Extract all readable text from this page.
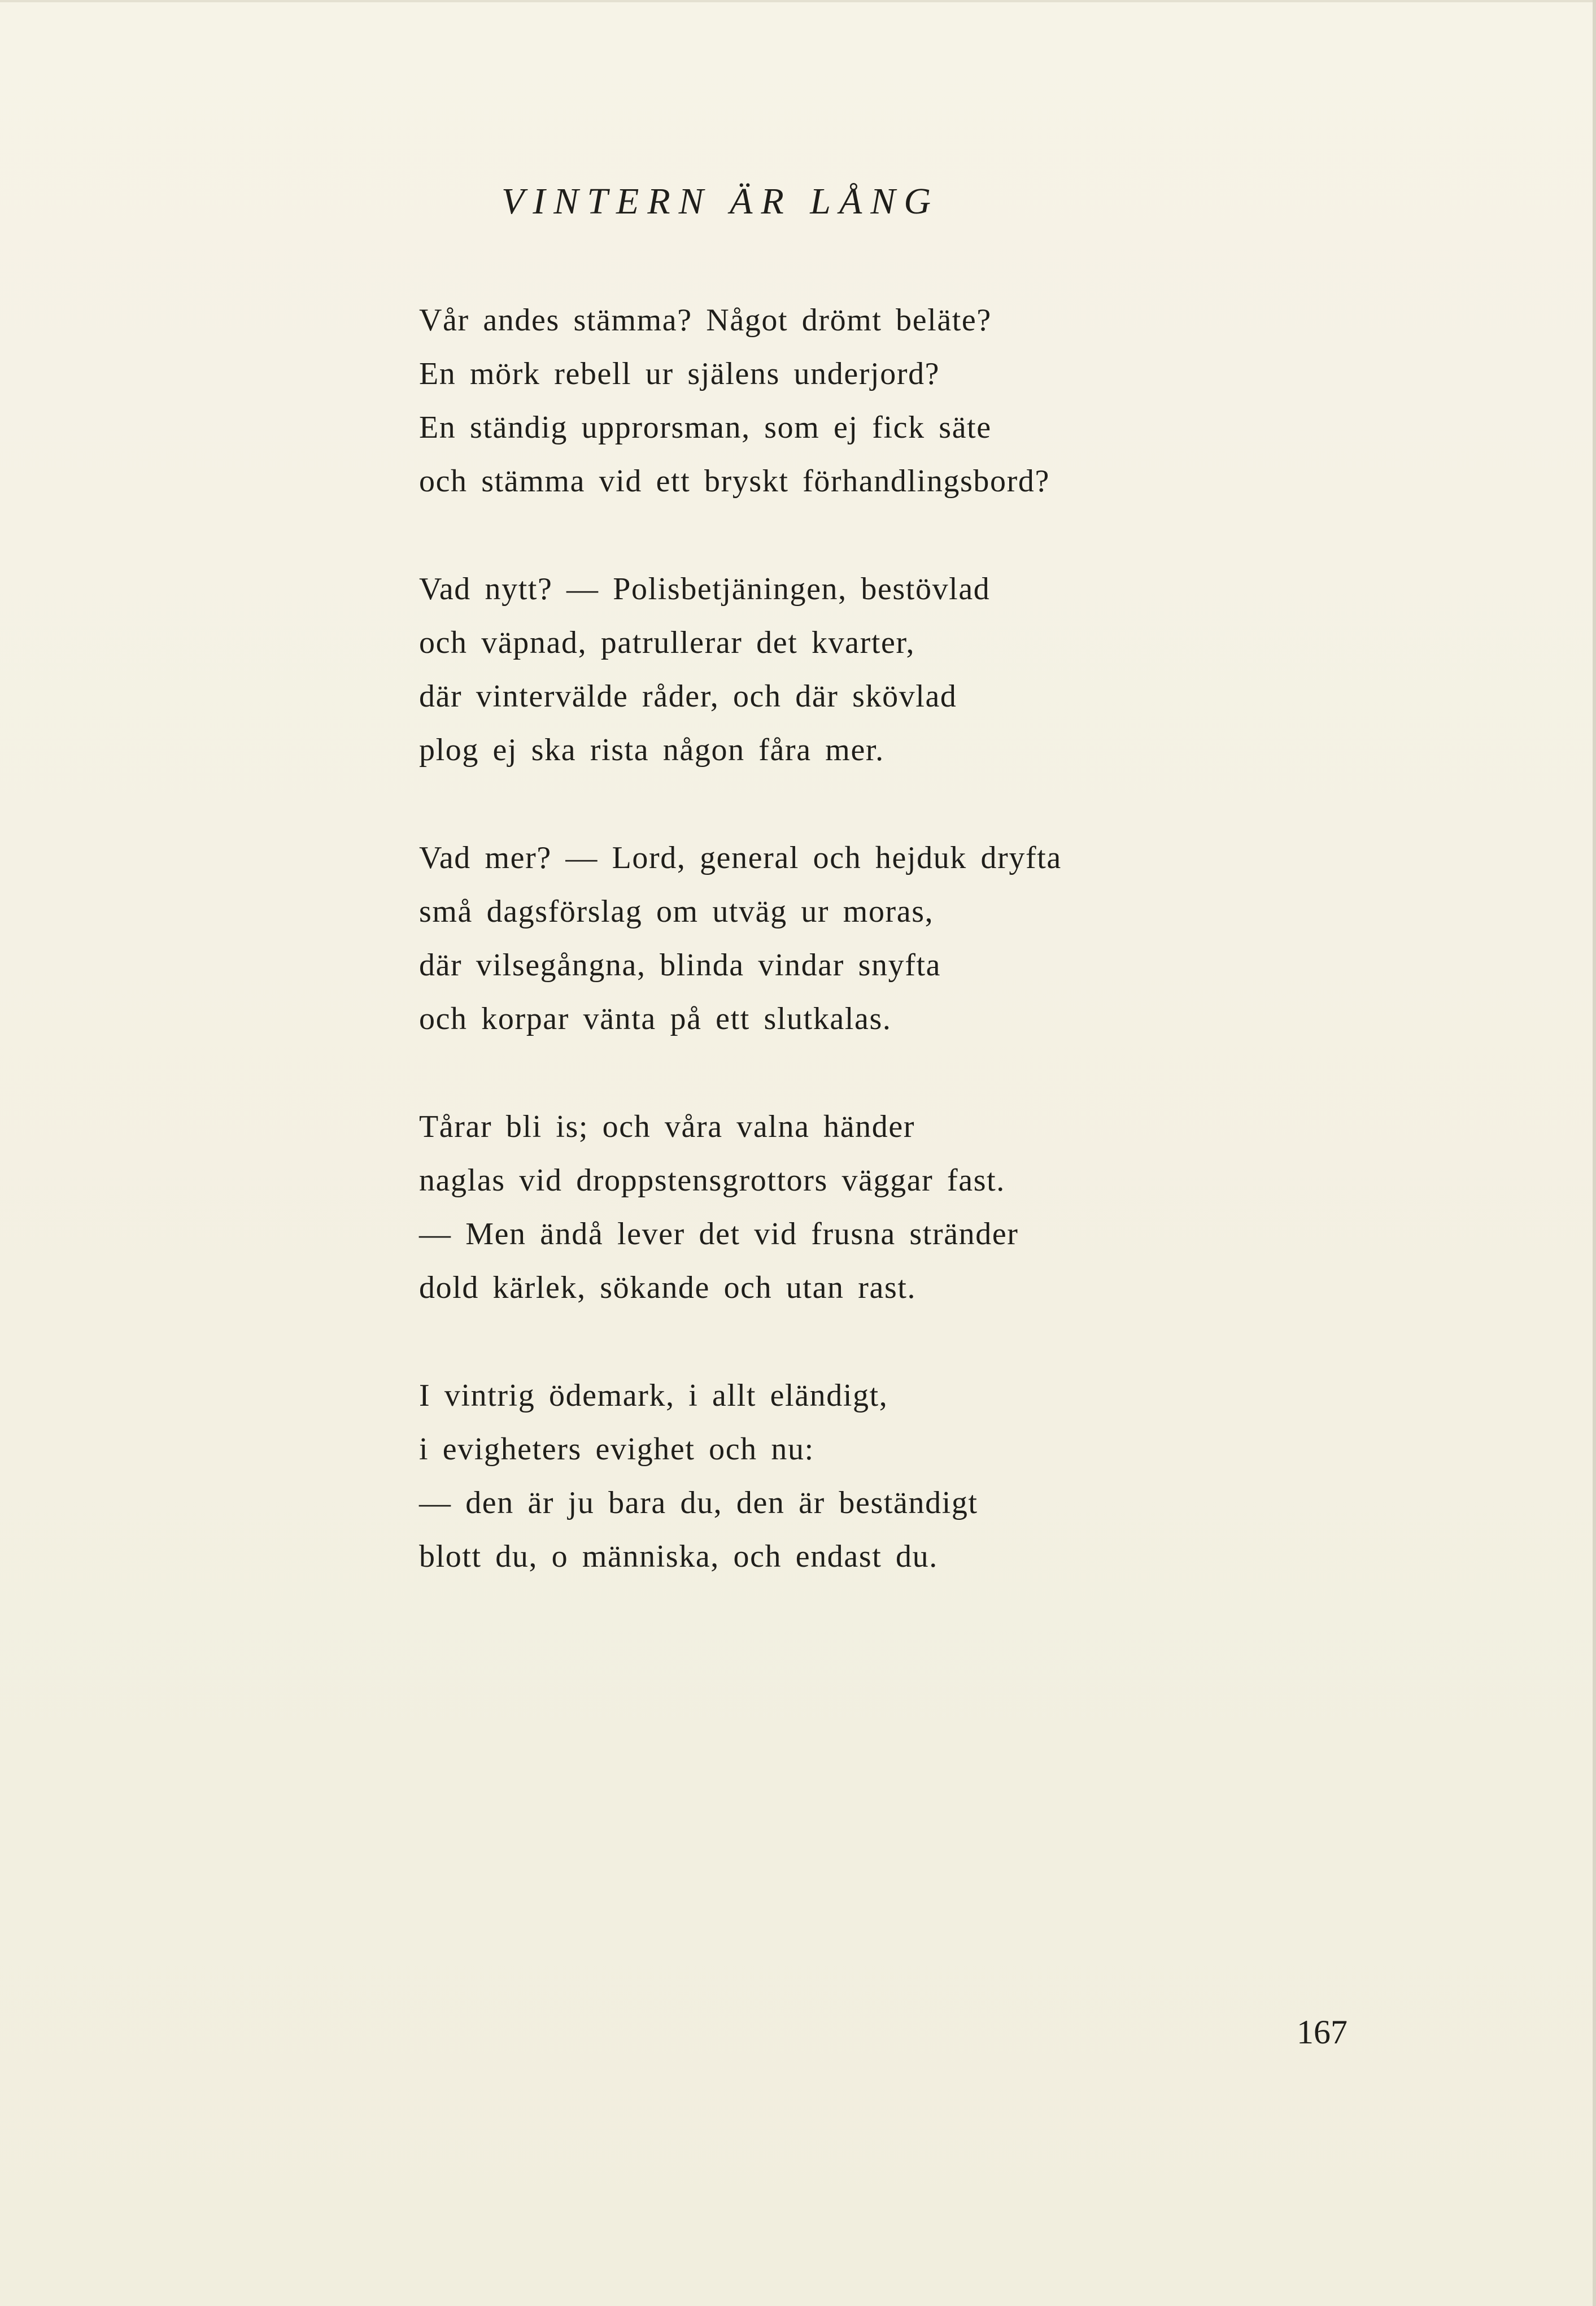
VINTERN ÄR LÅNG
Vår andes stämma? Något drömt beläte?
En mörk rebell ur själens underjord?
En ständig upprorsman, som ej fick säte
och stämma vid ett bryskt förhandlingsbord?
Vad nytt? — Polisbetjäningen, bestövlad
och väpnad, patrullerar det kvarter,
där vintervälde råder, och där skövlad
plog ej ska rista någon fåra mer.
Vad mer? — Lord, general och hejduk dryfta
små dagsförslag om utväg ur moras,
där vilsegångna, blinda vindar snyfta
och korpar vänta på ett slutkalas.
Tårar bli is; och våra valna händer
naglas vid droppstensgrottors väggar fast.
— Men ändå lever det vid frusna stränder
dold kärlek, sökande och utan rast.
I vintrig ödemark, i allt eländigt,
i evigheters evighet och nu:
— den är ju bara du, den är beständigt
blott du, o människa, och endast du.
167
